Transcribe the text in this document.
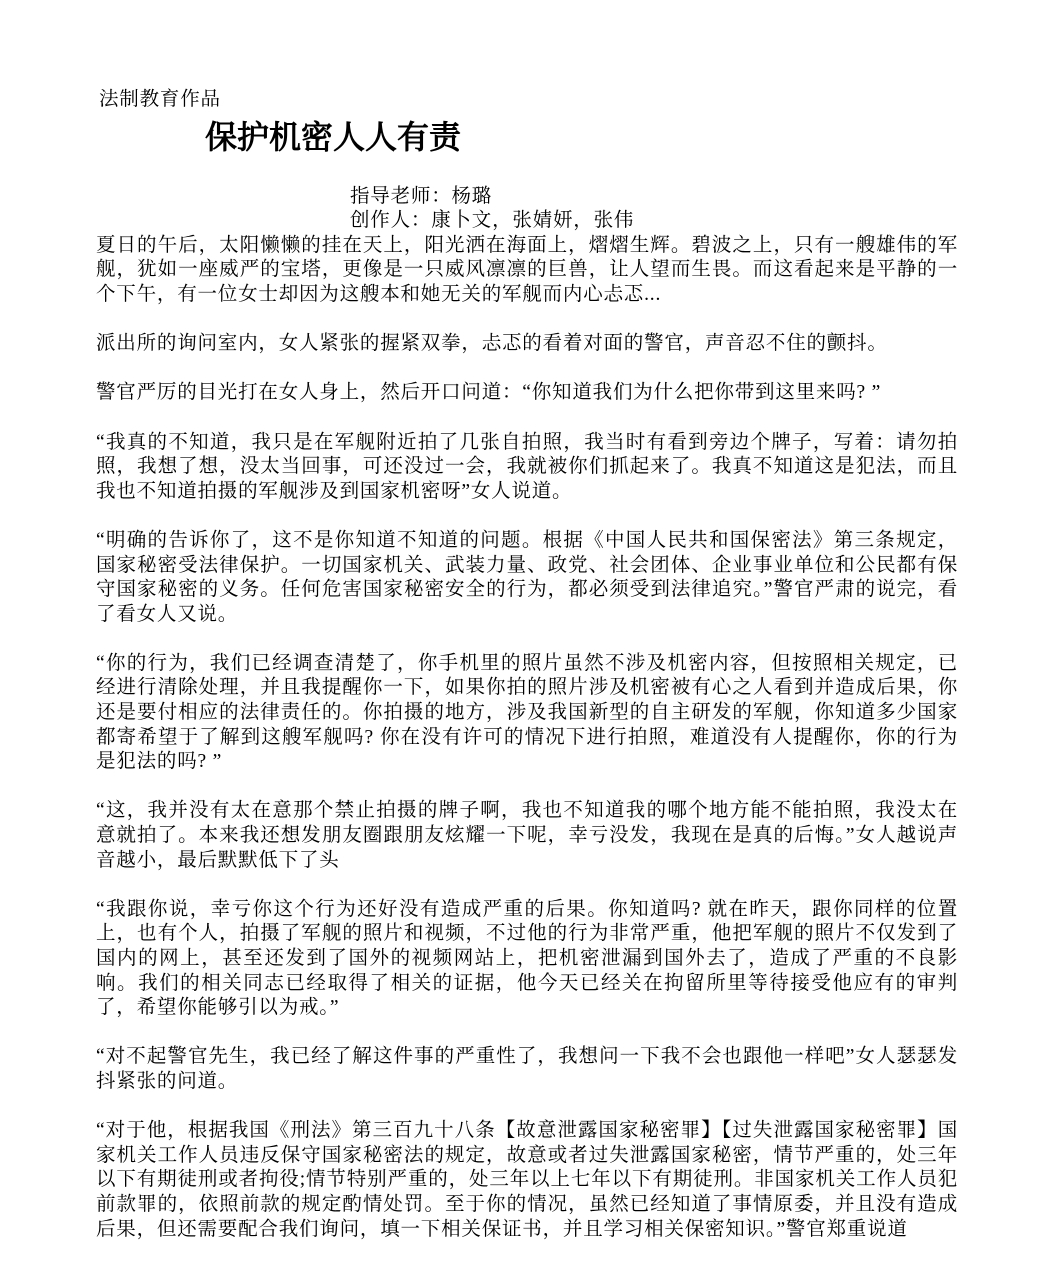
法制教育作品
保护机密人人有责
指导老师：杨璐
创作人：康卜文，张婧妍，张伟

夏日的午后，太阳懒懒的挂在天上，阳光洒在海面上，熠熠生辉。碧波之上，只有一艘雄伟的军舰，犹如一座威严的宝塔，更像是一只威风凛凛的巨兽，让人望而生畏。而这看起来是平静的一个下午，有一位女士却因为这艘本和她无关的军舰而内心忐忑...

派出所的询问室内，女人紧张的握紧双拳，忐忑的看着对面的警官，声音忍不住的颤抖。

警官严厉的目光打在女人身上，然后开口问道：“你知道我们为什么把你带到这里来吗? ”

“我真的不知道，我只是在军舰附近拍了几张自拍照，我当时有看到旁边个牌子，写着：请勿拍照，我想了想，没太当回事，可还没过一会，我就被你们抓起来了。我真不知道这是犯法，而且我也不知道拍摄的军舰涉及到国家机密呀”女人说道。

“明确的告诉你了，这不是你知道不知道的问题。根据《中国人民共和国保密法》第三条规定，国家秘密受法律保护。一切国家机关、武装力量、政党、社会团体、企业事业单位和公民都有保守国家秘密的义务。任何危害国家秘密安全的行为，都必须受到法律追究。”警官严肃的说完，看了看女人又说。

“你的行为，我们已经调查清楚了，你手机里的照片虽然不涉及机密内容，但按照相关规定，已经进行清除处理，并且我提醒你一下，如果你拍的照片涉及机密被有心之人看到并造成后果，你还是要付相应的法律责任的。你拍摄的地方，涉及我国新型的自主研发的军舰，你知道多少国家都寄希望于了解到这艘军舰吗? 你在没有许可的情况下进行拍照，难道没有人提醒你，你的行为是犯法的吗? ”

“这，我并没有太在意那个禁止拍摄的牌子啊，我也不知道我的哪个地方能不能拍照，我没太在意就拍了。本来我还想发朋友圈跟朋友炫耀一下呢，幸亏没发，我现在是真的后悔。”女人越说声音越小，最后默默低下了头

“我跟你说，幸亏你这个行为还好没有造成严重的后果。你知道吗? 就在昨天，跟你同样的位置上，也有个人，拍摄了军舰的照片和视频，不过他的行为非常严重，他把军舰的照片不仅发到了国内的网上，甚至还发到了国外的视频网站上，把机密泄漏到国外去了，造成了严重的不良影响。我们的相关同志已经取得了相关的证据，他今天已经关在拘留所里等待接受他应有的审判了，希望你能够引以为戒。”

“对不起警官先生，我已经了解这件事的严重性了，我想问一下我不会也跟他一样吧”女人瑟瑟发抖紧张的问道。

“对于他，根据我国《刑法》第三百九十八条【故意泄露国家秘密罪】【过失泄露国家秘密罪】国家机关工作人员违反保守国家秘密法的规定，故意或者过失泄露国家秘密，情节严重的，处三年以下有期徒刑或者拘役;情节特别严重的，处三年以上七年以下有期徒刑。非国家机关工作人员犯前款罪的，依照前款的规定酌情处罚。至于你的情况，虽然已经知道了事情原委，并且没有造成后果，但还需要配合我们询问，填一下相关保证书，并且学习相关保密知识。”警官郑重说道
